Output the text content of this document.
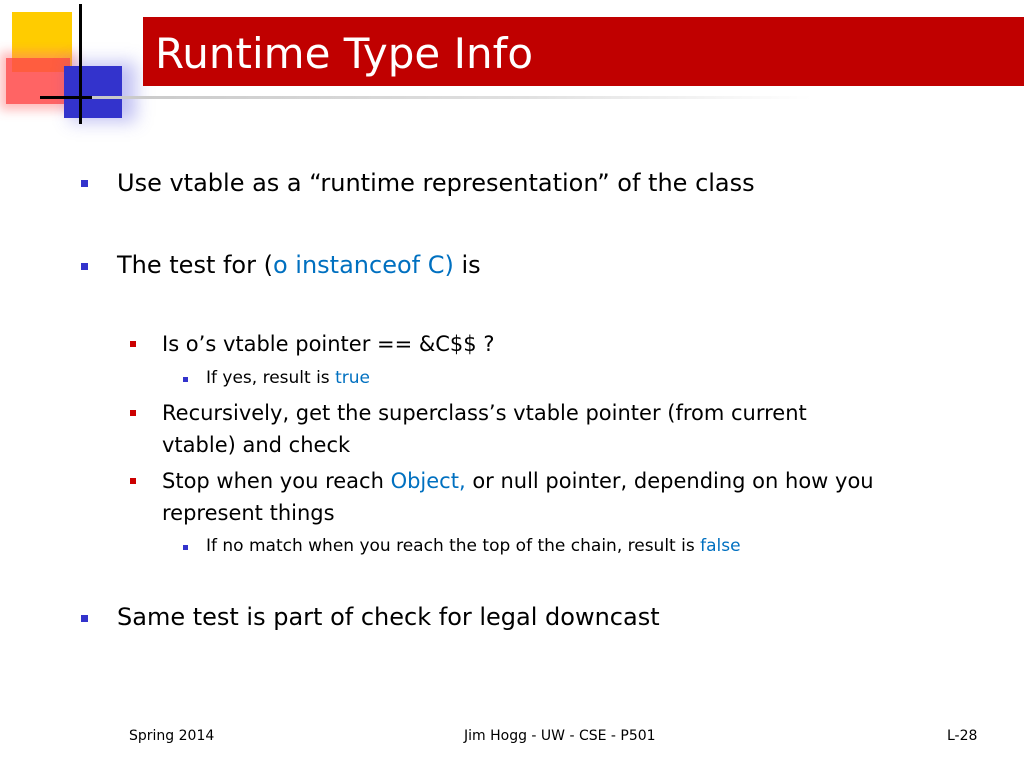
Runtime Type Info
Use vtable as a “runtime representation” of the class
The test for (o instanceof C) is
Is o’s vtable pointer == &C$$ ?
If yes, result is true
Recursively, get the superclass’s vtable pointer (from current vtable) and check
Stop when you reach Object, or null pointer, depending on how you represent things
If no match when you reach the top of the chain, result is false
Same test is part of check for legal downcast
Spring 2014	Jim Hogg - UW - CSE - P501	L-28
